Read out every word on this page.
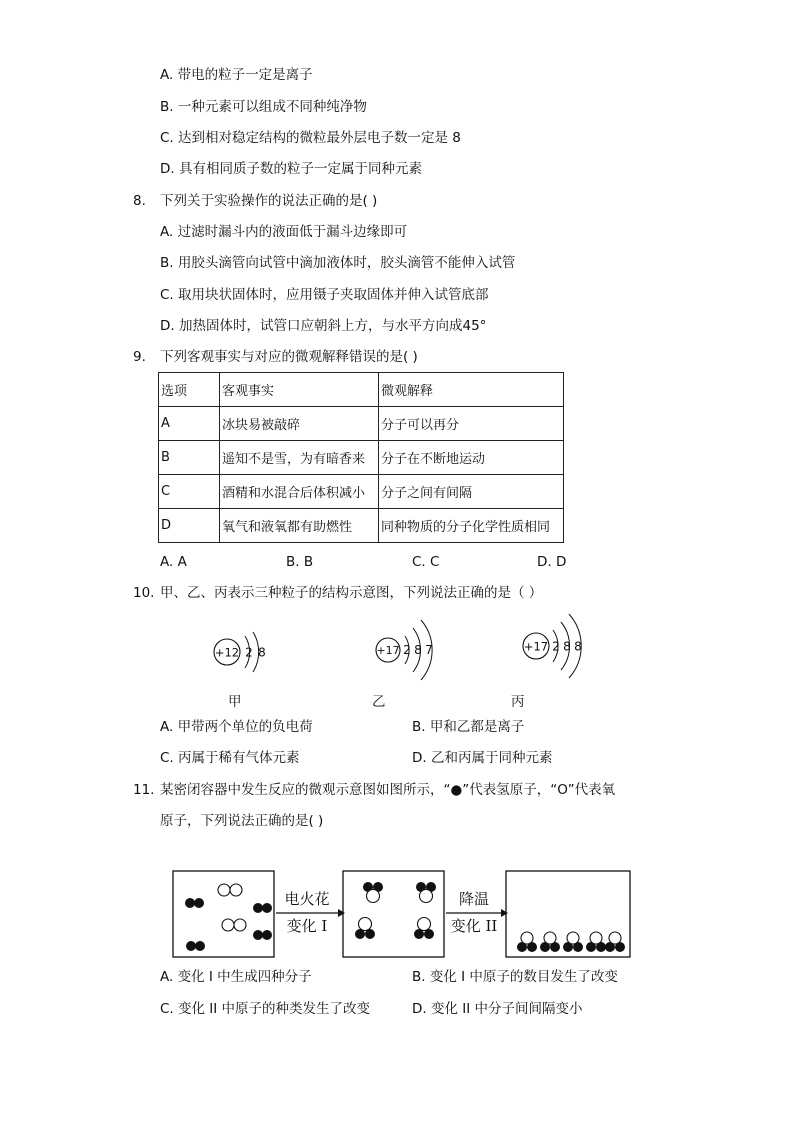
A. 带电的粒子一定是离子
B. 一种元素可以组成不同种纯净物
C. 达到相对稳定结构的微粒最外层电子数一定是 8
D. 具有相同质子数的粒子一定属于同种元素
8. 下列关于实验操作的说法正确的是( )
A. 过滤时漏斗内的液面低于漏斗边缘即可
B. 用胶头滴管向试管中滴加液体时，胶头滴管不能伸入试管
C. 取用块状固体时，应用镊子夹取固体并伸入试管底部
D. 加热固体时，试管口应朝斜上方，与水平方向成45°
9. 下列客观事实与对应的微观解释错误的是( )
选项	客观事实	微观解释
A	冰块易被敲碎	分子可以再分
B	遥知不是雪，为有暗香来	分子在不断地运动
C	酒精和水混合后体积减小	分子之间有间隔
D	氧气和液氧都有助燃性	同种物质的分子化学性质相同
A. A	B. B	C. C	D. D
10. 甲、乙、丙表示三种粒子的结构示意图，下列说法正确的是（ ）
+12 2 8
甲
+17 2 8 7
乙
+17 2 8 8
丙
A. 甲带两个单位的负电荷	B. 甲和乙都是离子
C. 丙属于稀有气体元素	D. 乙和丙属于同种元素
11. 某密闭容器中发生反应的微观示意图如图所示，“●”代表氢原子，“O”代表氧
原子，下列说法正确的是( )
电火花
变化 I
降温
变化 II
A. 变化 I 中生成四种分子	B. 变化 I 中原子的数目发生了改变
C. 变化 II 中原子的种类发生了改变	D. 变化 II 中分子间间隔变小
